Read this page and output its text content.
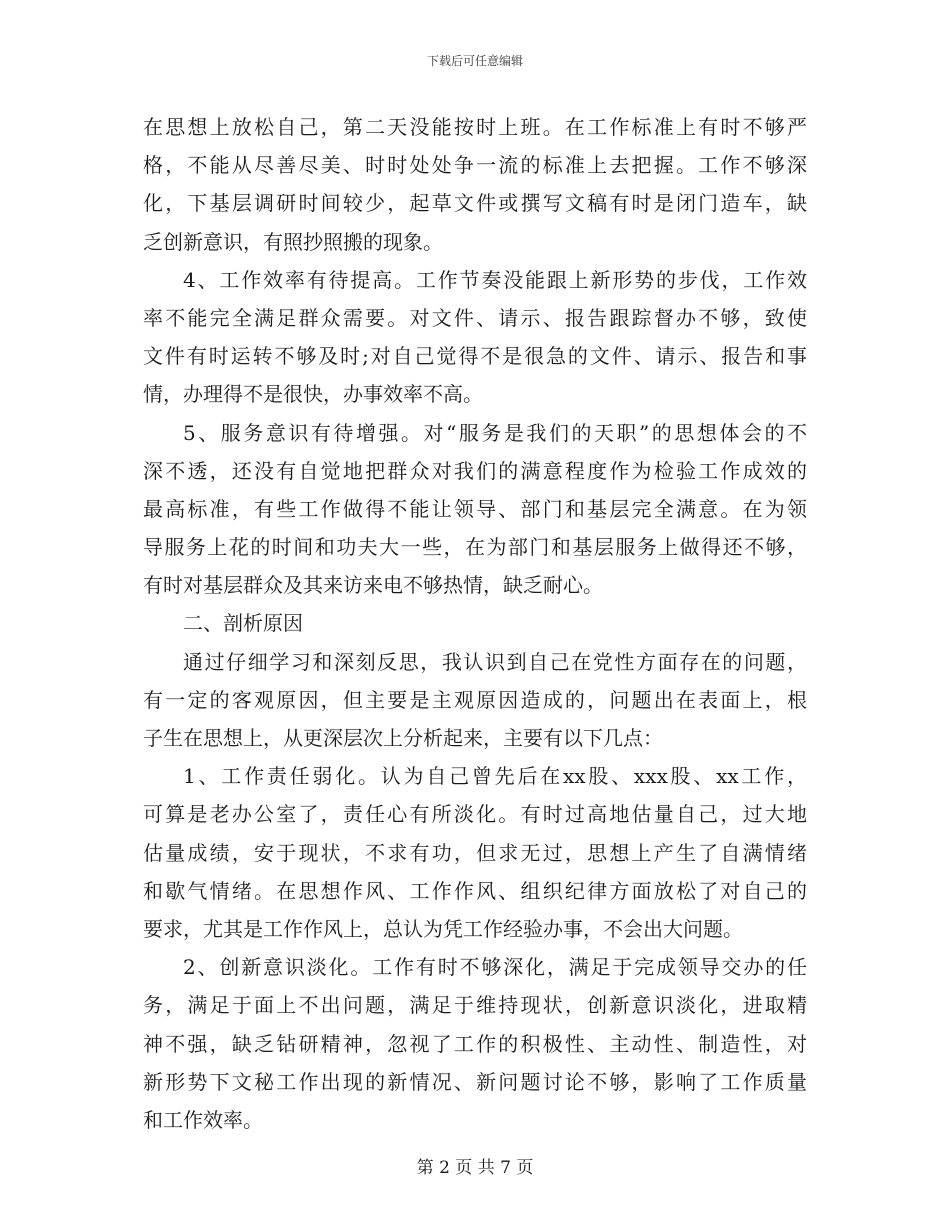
下载后可任意编辑
在思想上放松自己，第二天没能按时上班。在工作标准上有时不够严
格，不能从尽善尽美、时时处处争一流的标准上去把握。工作不够深
化，下基层调研时间较少，起草文件或撰写文稿有时是闭门造车，缺
乏创新意识，有照抄照搬的现象。
4、工作效率有待提高。工作节奏没能跟上新形势的步伐，工作效
率不能完全满足群众需要。对文件、请示、报告跟踪督办不够，致使
文件有时运转不够及时;对自己觉得不是很急的文件、请示、报告和事
情，办理得不是很快，办事效率不高。
5、服务意识有待增强。对“服务是我们的天职”的思想体会的不
深不透，还没有自觉地把群众对我们的满意程度作为检验工作成效的
最高标准，有些工作做得不能让领导、部门和基层完全满意。在为领
导服务上花的时间和功夫大一些，在为部门和基层服务上做得还不够，
有时对基层群众及其来访来电不够热情，缺乏耐心。
二、剖析原因
通过仔细学习和深刻反思，我认识到自己在党性方面存在的问题，
有一定的客观原因，但主要是主观原因造成的，问题出在表面上，根
子生在思想上，从更深层次上分析起来，主要有以下几点：
1、工作责任弱化。认为自己曾先后在xx股、xxx股、xx工作，
可算是老办公室了，责任心有所淡化。有时过高地估量自己，过大地
估量成绩，安于现状，不求有功，但求无过，思想上产生了自满情绪
和歇气情绪。在思想作风、工作作风、组织纪律方面放松了对自己的
要求，尤其是工作作风上，总认为凭工作经验办事，不会出大问题。
2、创新意识淡化。工作有时不够深化，满足于完成领导交办的任
务，满足于面上不出问题，满足于维持现状，创新意识淡化，进取精
神不强，缺乏钻研精神，忽视了工作的积极性、主动性、制造性，对
新形势下文秘工作出现的新情况、新问题讨论不够，影响了工作质量
和工作效率。
第 2 页 共 7 页
